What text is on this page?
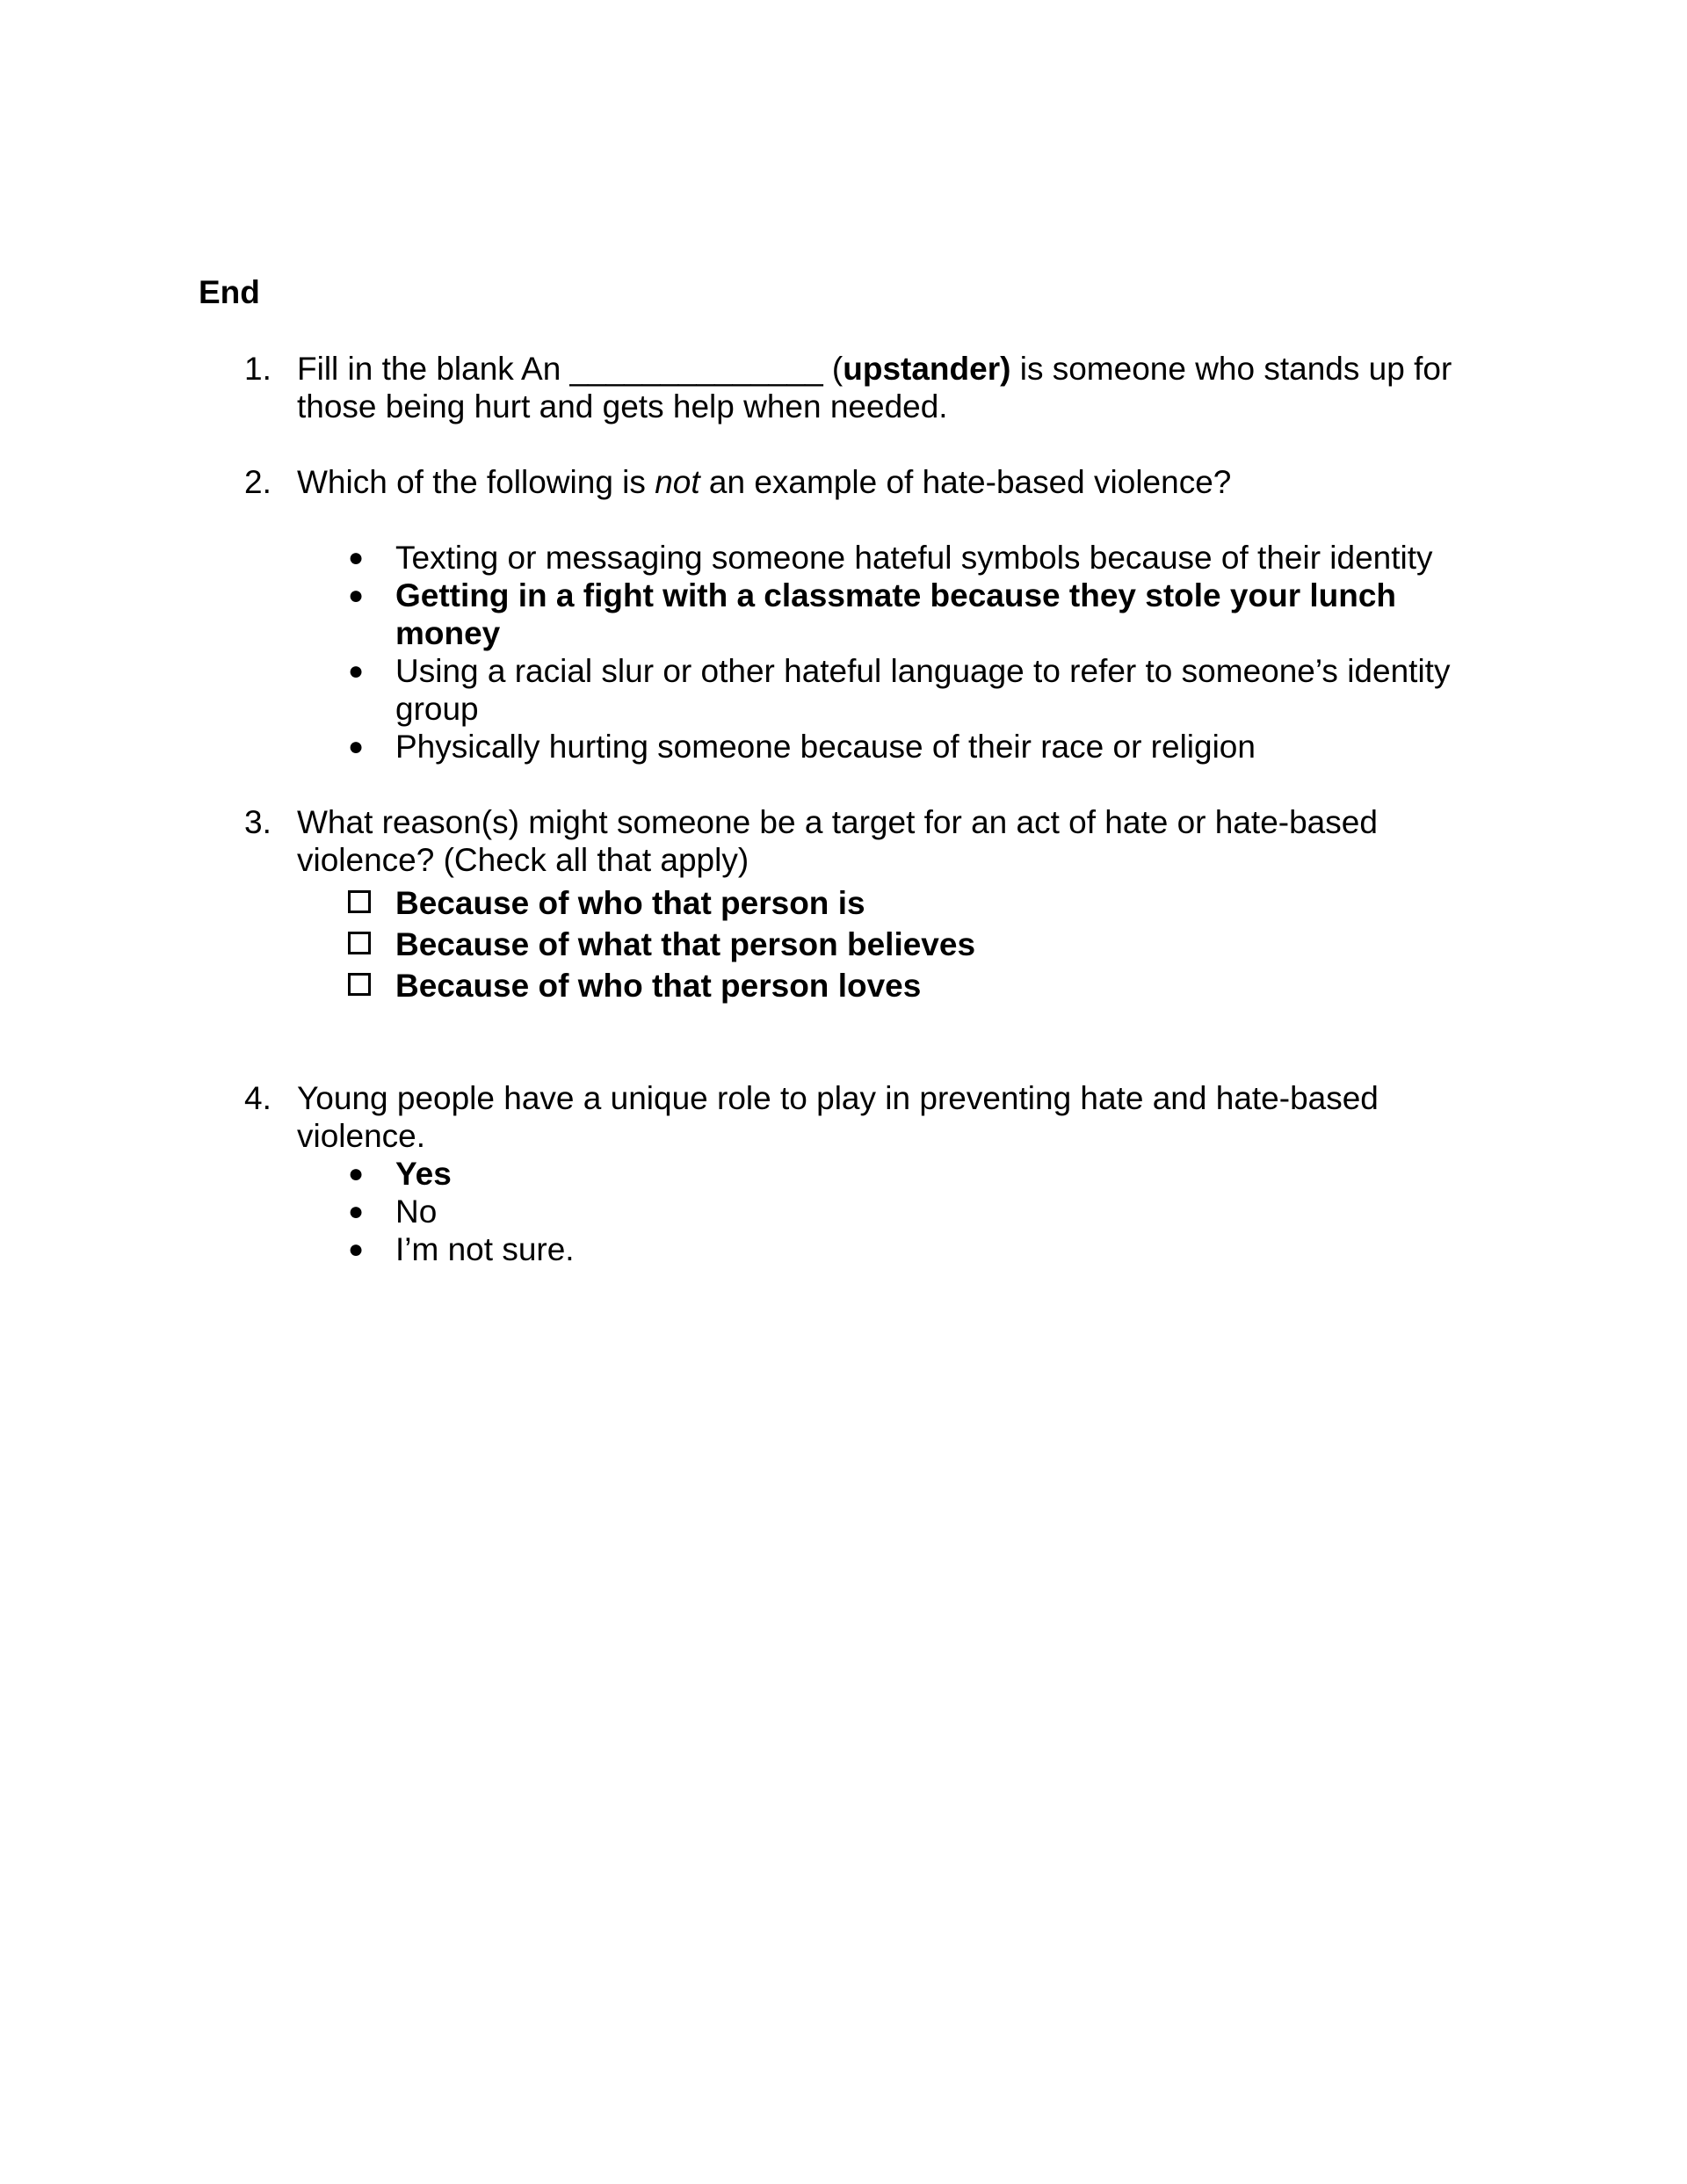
End
1. Fill in the blank An ______________ (upstander) is someone who stands up for
those being hurt and gets help when needed.
2. Which of the following is not an example of hate-based violence?
● Texting or messaging someone hateful symbols because of their identity
● Getting in a fight with a classmate because they stole your lunch
money
● Using a racial slur or other hateful language to refer to someone’s identity
group
● Physically hurting someone because of their race or religion
3. What reason(s) might someone be a target for an act of hate or hate-based
violence? (Check all that apply)
Because of who that person is
Because of what that person believes
Because of who that person loves
4. Young people have a unique role to play in preventing hate and hate-based
violence.
● Yes
● No
● I’m not sure.
